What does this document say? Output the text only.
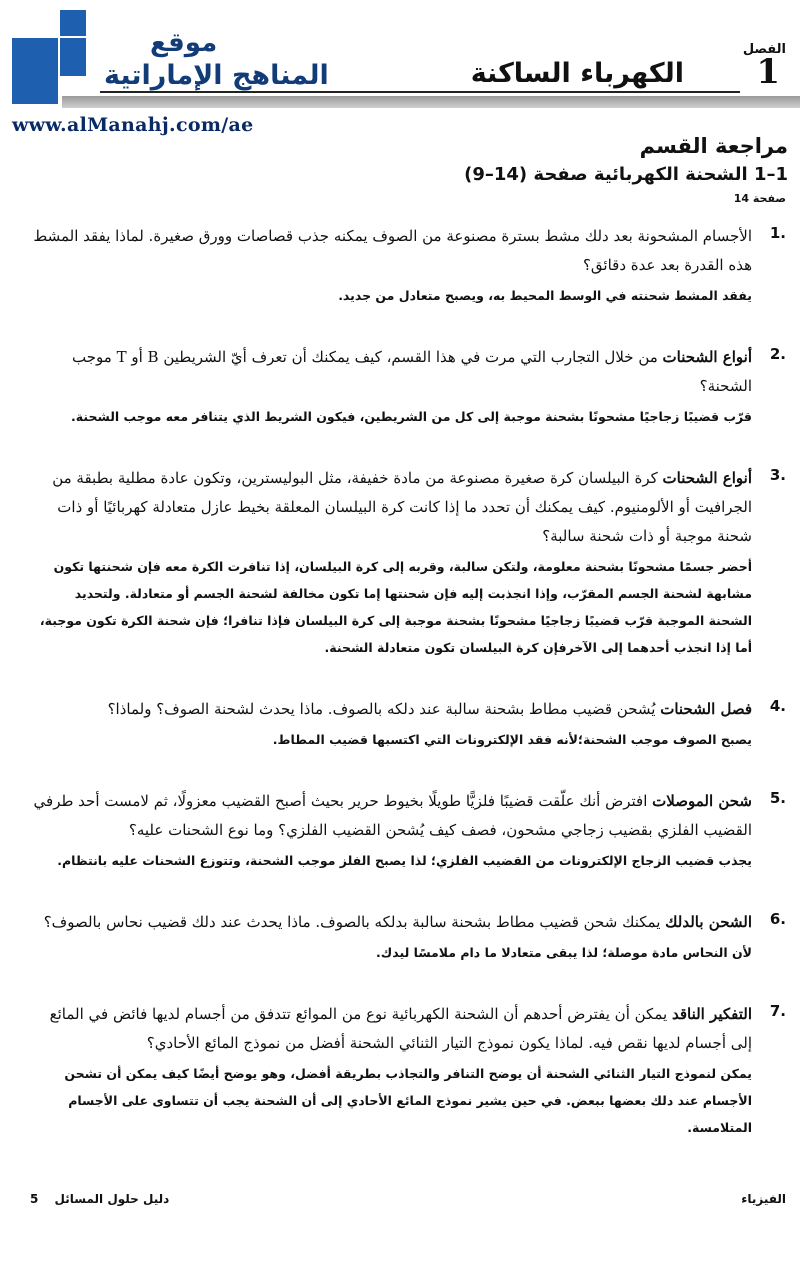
موقع
المناهج الإماراتية
www.alManahj.com/ae
الفصل
1
الكهرباء الساكنة
مراجعة القسم
1–1 الشحنة الكهربائية صفحة (14–9)
صفحة 14
.1
الأجسام المشحونة بعد دلك مشط بسترة مصنوعة من الصوف يمكنه جذب قصاصات وورق صغيرة. لماذا يفقد المشط هذه القدرة بعد عدة دقائق؟
يفقد المشط شحنته في الوسط المحيط به، ويصبح متعادل من جديد.
.2
أنواع الشحنات من خلال التجارب التي مرت في هذا القسم، كيف يمكنك أن تعرف أيّ الشريطين B أو T موجب الشحنة؟
قرّب قضيبًا زجاجيًا مشحونًا بشحنة موجبة إلى كل من الشريطين، فيكون الشريط الذي يتنافر معه موجب الشحنة.
.3
أنواع الشحنات كرة البيلسان كرة صغيرة مصنوعة من مادة خفيفة، مثل البوليسترين، وتكون عادة مطلية بطبقة من الجرافيت أو الألومنيوم. كيف يمكنك أن تحدد ما إذا كانت كرة البيلسان المعلقة بخيط عازل متعادلة كهربائيًا أو ذات شحنة موجبة أو ذات شحنة سالبة؟
أحضر جسمًا مشحونًا بشحنة معلومة، ولتكن سالبة، وقربه إلى كرة البيلسان، إذا تنافرت الكرة معه فإن شحنتها تكون مشابهة لشحنة الجسم المقرّب، وإذا انجذبت إليه فإن شحنتها إما تكون مخالفة لشحنة الجسم أو متعادلة. ولتحديد الشحنة الموجبة قرّب قضيبًا زجاجيًا مشحونًا بشحنة موجبة إلى كرة البيلسان فإذا تنافرا؛ فإن شحنة الكرة تكون موجبة، أما إذا انجذب أحدهما إلى الآخرفإن كرة البيلسان تكون متعادلة الشحنة.
.4
فصل الشحنات يُشحن قضيب مطاط بشحنة سالبة عند دلكه بالصوف. ماذا يحدث لشحنة الصوف؟ ولماذا؟
يصبح الصوف موجب الشحنة؛لأنه فقد الإلكترونات التي اكتسبها قضيب المطاط.
.5
شحن الموصلات افترض أنك علّقت قضيبًا فلزيًّا طويلًا بخيوط حرير بحيث أصبح القضيب معزولًا، ثم لامست أحد طرفي القضيب الفلزي بقضيب زجاجي مشحون، فصف كيف يُشحن القضيب الفلزي؟ وما نوع الشحنات عليه؟
يجذب قضيب الزجاج الإلكترونات من القضيب الفلزي؛ لذا يصبح الفلز موجب الشحنة، وتتوزع الشحنات عليه بانتظام.
.6
الشحن بالدلك يمكنك شحن قضيب مطاط بشحنة سالبة بدلكه بالصوف. ماذا يحدث عند دلك قضيب نحاس بالصوف؟
لأن النحاس مادة موصلة؛ لذا يبقى متعادلا ما دام ملامسًا ليدك.
.7
التفكير الناقد يمكن أن يفترض أحدهم أن الشحنة الكهربائية نوع من الموائع تتدفق من أجسام لديها فائض في المائع إلى أجسام لديها نقص فيه. لماذا يكون نموذج التيار الثنائي الشحنة أفضل من نموذج المائع الأحادي؟
يمكن لنموذج التيار الثنائي الشحنة أن يوضح التنافر والتجاذب بطريقة أفضل، وهو يوضح أيضًا كيف يمكن أن تشحن الأجسام عند دلك بعضها ببعض. في حين يشير نموذج المائع الأحادي إلى أن الشحنة يجب أن تتساوى على الأجسام المتلامسة.
دليل حلول المسائل 5	الفيزياء
